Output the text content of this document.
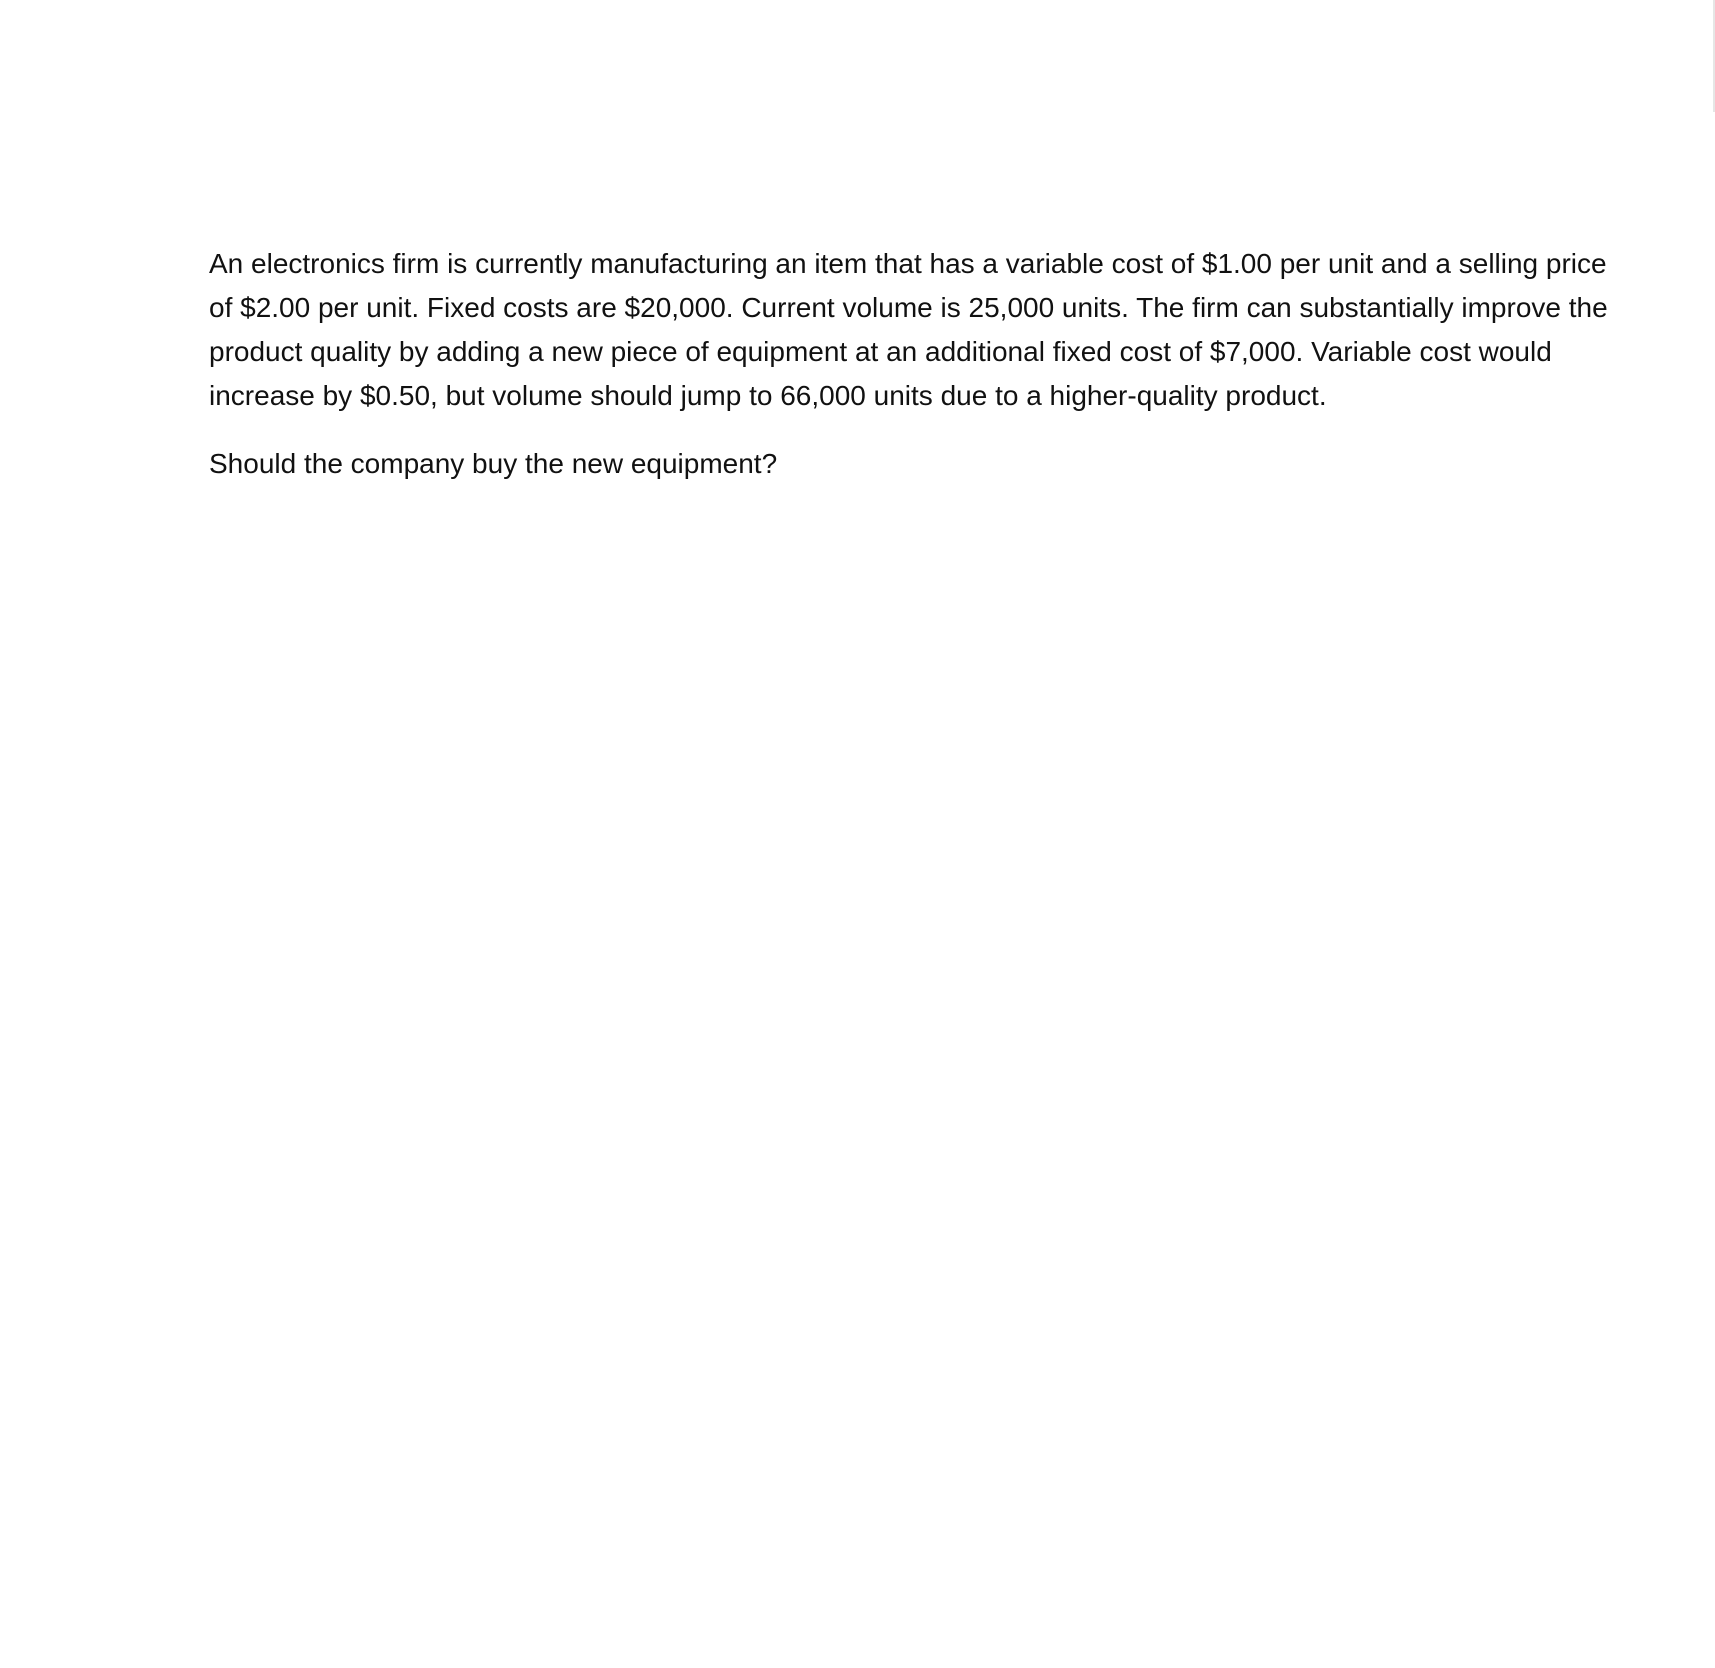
An electronics firm is currently manufacturing an item that has a variable cost of $1.00 per unit and a selling price of $2.00 per unit. Fixed costs are $20,000. Current volume is 25,000 units. The firm can substantially improve the product quality by adding a new piece of equipment at an additional fixed cost of $7,000. Variable cost would increase by $0.50, but volume should jump to 66,000 units due to a higher-quality product.

Should the company buy the new equipment?
